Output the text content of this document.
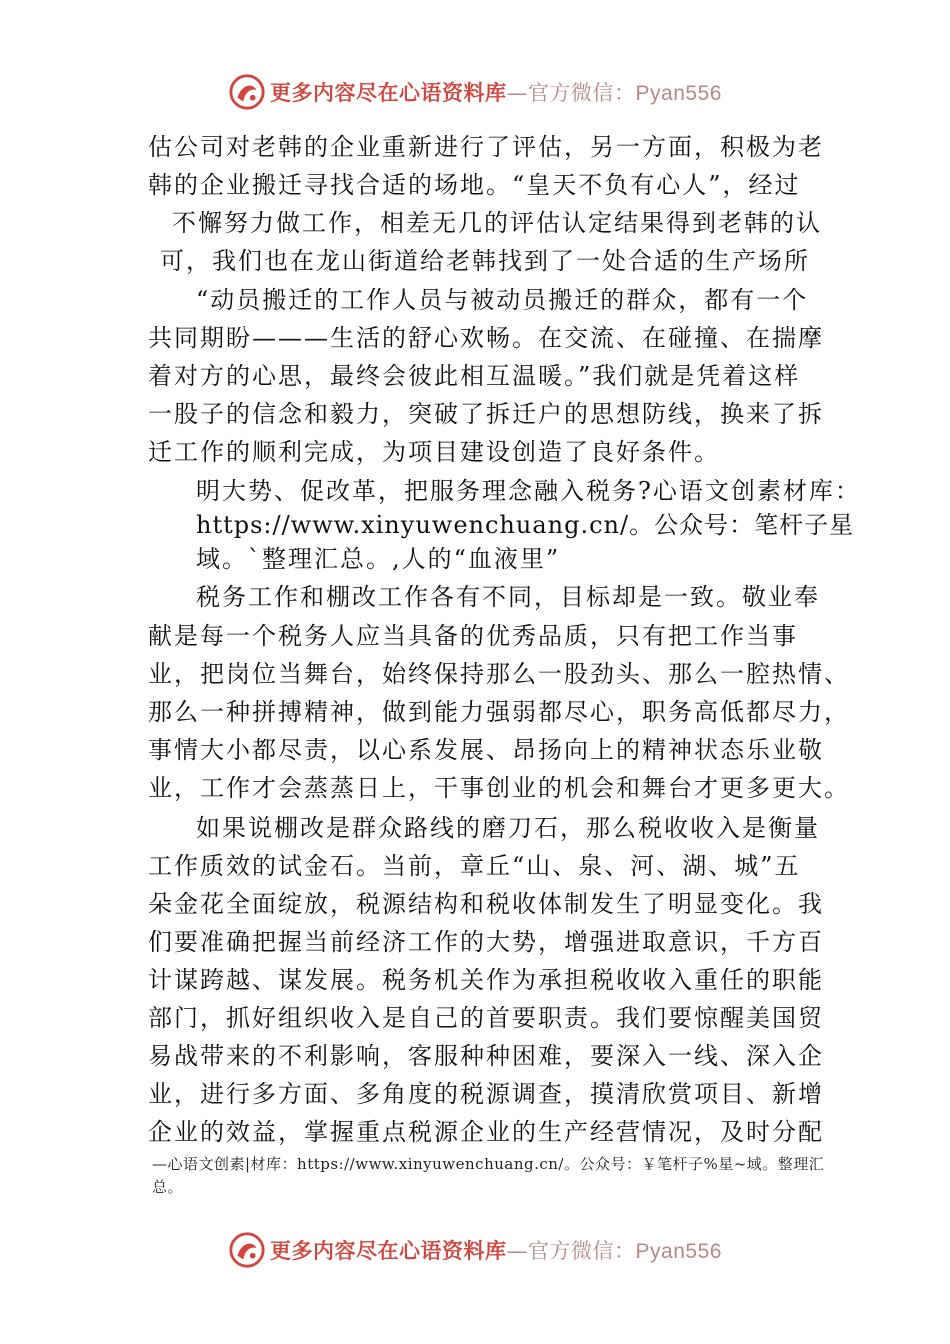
更多内容尽在心语资料库—官方微信：Pyan556
估公司对老韩的企业重新进行了评估，另一方面，积极为老
韩的企业搬迁寻找合适的场地。“皇天不负有心人”，经过
不懈努力做工作，相差无几的评估认定结果得到老韩的认
可，我们也在龙山街道给老韩找到了一处合适的生产场所
“动员搬迁的工作人员与被动员搬迁的群众，都有一个
共同期盼———生活的舒心欢畅。在交流、在碰撞、在揣摩
着对方的心思，最终会彼此相互温暖。”我们就是凭着这样
一股子的信念和毅力，突破了拆迁户的思想防线，换来了拆
迁工作的顺利完成，为项目建设创造了良好条件。
明大势、促改革，把服务理念融入税务?心语文创素材库：
https://www.xinyuwenchuang.cn/。公众号：笔杆子星
域。`整理汇总。,人的“血液里”
税务工作和棚改工作各有不同，目标却是一致。敬业奉
献是每一个税务人应当具备的优秀品质，只有把工作当事
业，把岗位当舞台，始终保持那么一股劲头、那么一腔热情、
那么一种拼搏精神，做到能力强弱都尽心，职务高低都尽力，
事情大小都尽责，以心系发展、昂扬向上的精神状态乐业敬
业，工作才会蒸蒸日上，干事创业的机会和舞台才更多更大。
如果说棚改是群众路线的磨刀石，那么税收收入是衡量
工作质效的试金石。当前，章丘“山、泉、河、湖、城”五
朵金花全面绽放，税源结构和税收体制发生了明显变化。我
们要准确把握当前经济工作的大势，增强进取意识，千方百
计谋跨越、谋发展。税务机关作为承担税收收入重任的职能
部门，抓好组织收入是自己的首要职责。我们要惊醒美国贸
易战带来的不利影响，客服种种困难，要深入一线、深入企
业，进行多方面、多角度的税源调查，摸清欣赏项目、新增
企业的效益，掌握重点税源企业的生产经营情况，及时分配
—心语文创素|材库：https://www.xinyuwenchuang.cn/。公众号：￥笔杆子%星~域。整理汇总。
更多内容尽在心语资料库—官方微信：Pyan556
